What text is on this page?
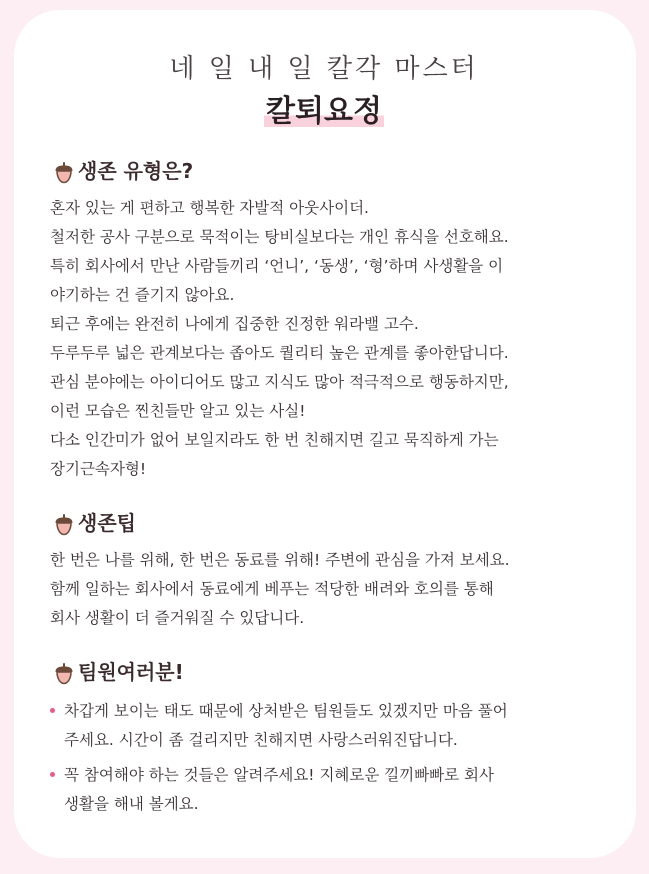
네 일 내 일 칼각 마스터
칼퇴요정
생존 유형은?
혼자 있는 게 편하고 행복한 자발적 아웃사이더.
철저한 공사 구분으로 묵적이는 탕비실보다는 개인 휴식을 선호해요.
특히 회사에서 만난 사람들끼리 ‘언니’, ‘동생’, ‘형’하며 사생활을 이
야기하는 건 즐기지 않아요.
퇴근 후에는 완전히 나에게 집중한 진정한 워라밸 고수.
두루두루 넓은 관계보다는 좁아도 퀄리티 높은 관계를 좋아한답니다.
관심 분야에는 아이디어도 많고 지식도 많아 적극적으로 행동하지만,
이런 모습은 찐친들만 알고 있는 사실!
다소 인간미가 없어 보일지라도 한 번 친해지면 길고 묵직하게 가는
장기근속자형!
생존팁
한 번은 나를 위해, 한 번은 동료를 위해! 주변에 관심을 가져 보세요.
함께 일하는 회사에서 동료에게 베푸는 적당한 배려와 호의를 통해
회사 생활이 더 즐거워질 수 있답니다.
팀원여러분!
차갑게 보이는 태도 때문에 상처받은 팀원들도 있겠지만 마음 풀어
주세요. 시간이 좀 걸리지만 친해지면 사랑스러워진답니다.
꼭 참여해야 하는 것들은 알려주세요! 지혜로운 낄끼빠빠로 회사
생활을 해내 볼게요.
